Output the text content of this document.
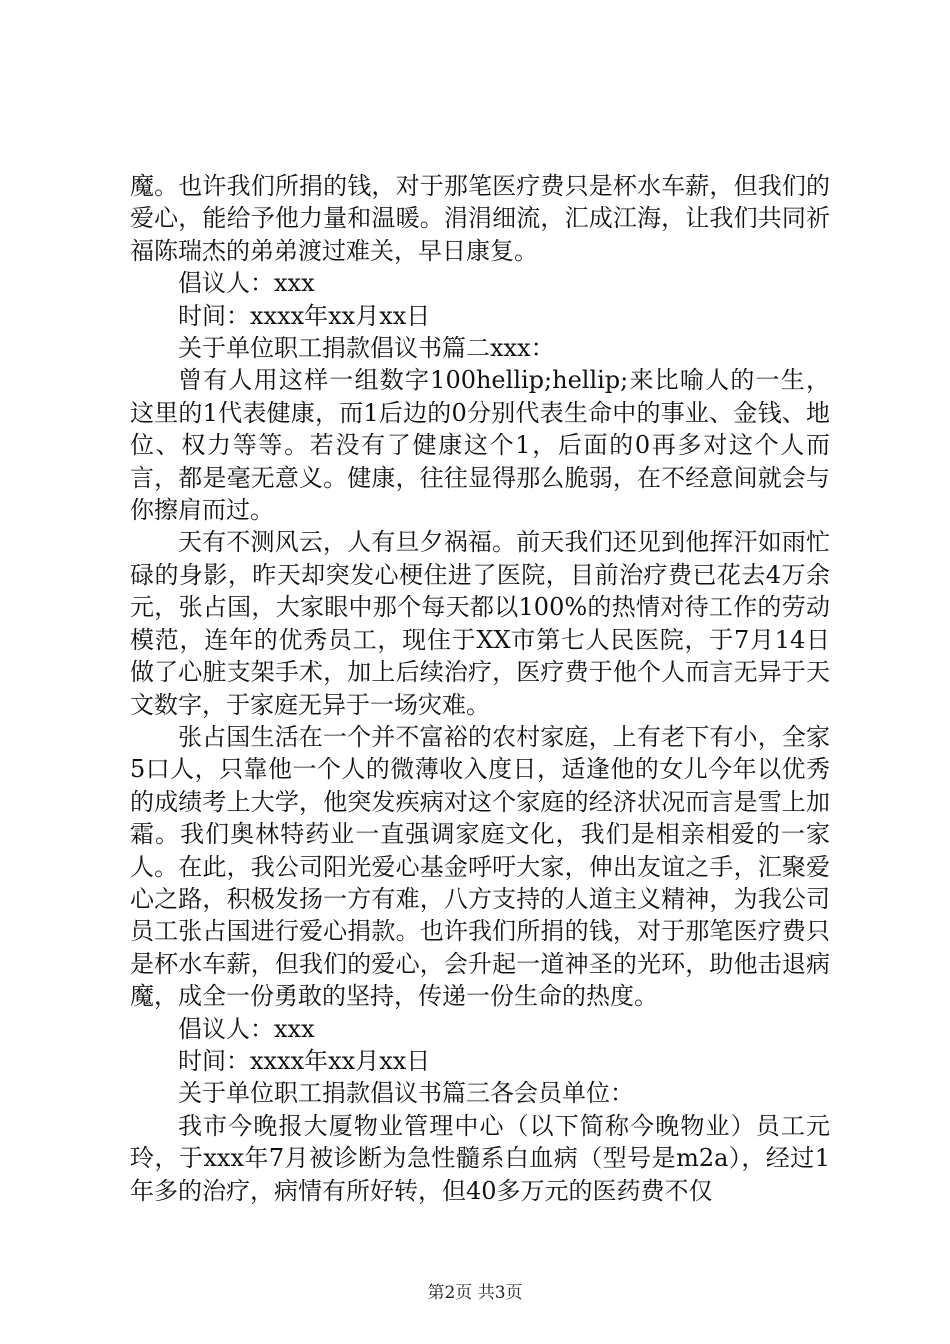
魔。也许我们所捐的钱，对于那笔医疗费只是杯水车薪，但我们的爱心，能给予他力量和温暖。涓涓细流，汇成江海，让我们共同祈福陈瑞杰的弟弟渡过难关，早日康复。

倡议人：xxx

时间：xxxx年xx月xx日

关于单位职工捐款倡议书篇二xxx：

曾有人用这样一组数字100hellip;hellip;来比喻人的一生，这里的1代表健康，而1后边的0分别代表生命中的事业、金钱、地位、权力等等。若没有了健康这个1，后面的0再多对这个人而言，都是毫无意义。健康，往往显得那么脆弱，在不经意间就会与你擦肩而过。

天有不测风云，人有旦夕祸福。前天我们还见到他挥汗如雨忙碌的身影，昨天却突发心梗住进了医院，目前治疗费已花去4万余元，张占国，大家眼中那个每天都以100%的热情对待工作的劳动模范，连年的优秀员工，现住于XX市第七人民医院，于7月14日做了心脏支架手术，加上后续治疗，医疗费于他个人而言无异于天文数字，于家庭无异于一场灾难。

张占国生活在一个并不富裕的农村家庭，上有老下有小，全家5口人，只靠他一个人的微薄收入度日，适逢他的女儿今年以优秀的成绩考上大学，他突发疾病对这个家庭的经济状况而言是雪上加霜。我们奥林特药业一直强调家庭文化，我们是相亲相爱的一家人。在此，我公司阳光爱心基金呼吁大家，伸出友谊之手，汇聚爱心之路，积极发扬一方有难，八方支持的人道主义精神，为我公司员工张占国进行爱心捐款。也许我们所捐的钱，对于那笔医疗费只是杯水车薪，但我们的爱心，会升起一道神圣的光环，助他击退病魔，成全一份勇敢的坚持，传递一份生命的热度。

倡议人：xxx

时间：xxxx年xx月xx日

关于单位职工捐款倡议书篇三各会员单位：

我市今晚报大厦物业管理中心（以下简称今晚物业）员工元玲，于xxx年7月被诊断为急性髓系白血病（型号是m2a），经过1年多的治疗，病情有所好转，但40多万元的医药费不仅

第2页 共3页
